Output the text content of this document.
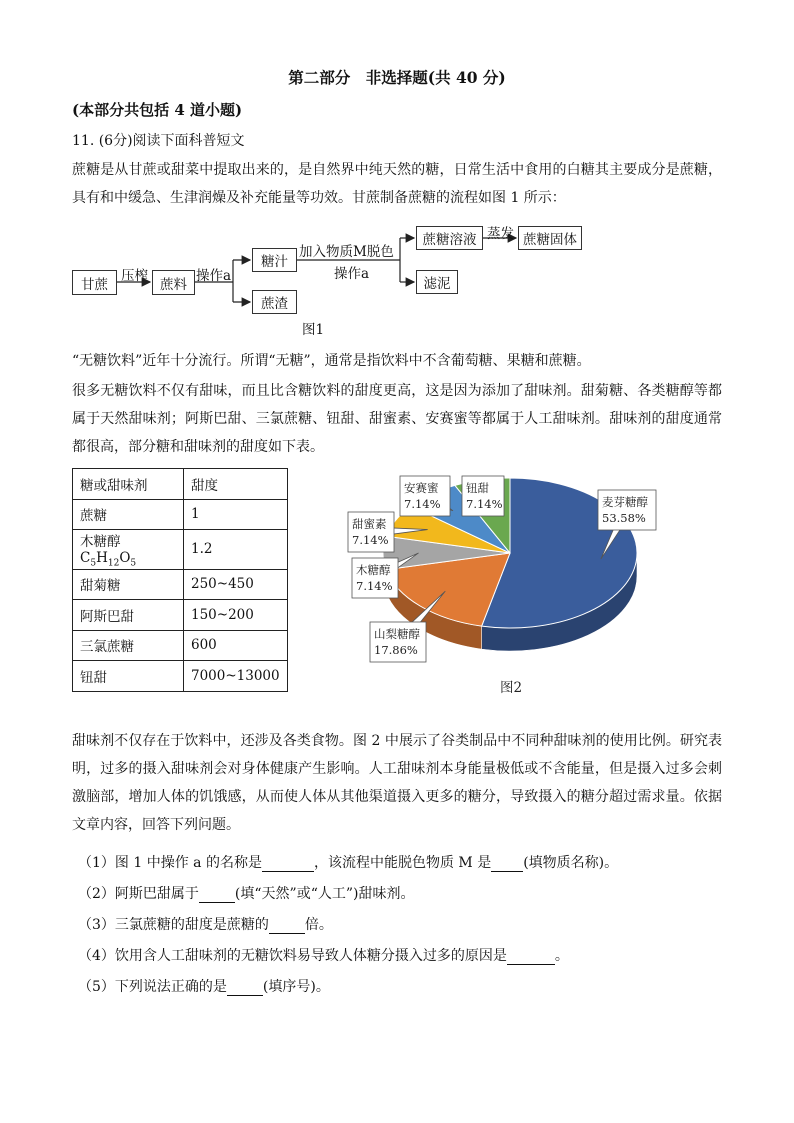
第二部分　非选择题(共 40 分)
(本部分共包括 4 道小题)
11. (6分)阅读下面科普短文
蔗糖是从甘蔗或甜菜中提取出来的，是自然界中纯天然的糖，日常生活中食用的白糖其主要成分是蔗糖，具有和中缓急、生津润燥及补充能量等功效。甘蔗制备蔗糖的流程如图 1 所示：
甘蔗
压榨
蔗料
操作a
糖汁
蔗渣
加入物质M脱色
操作a
蔗糖溶液 蒸发 蔗糖固体
滤泥
图1
“无糖饮料”近年十分流行。所谓“无糖”，通常是指饮料中不含葡萄糖、果糖和蔗糖。
很多无糖饮料不仅有甜味，而且比含糖饮料的甜度更高，这是因为添加了甜味剂。甜菊糖、各类糖醇等都属于天然甜味剂；阿斯巴甜、三氯蔗糖、钮甜、甜蜜素、安赛蜜等都属于人工甜味剂。甜味剂的甜度通常都很高，部分糖和甜味剂的甜度如下表。
糖或甜味剂	甜度
蔗糖	1
木糖醇 $C_5H_{12}O_5$	1.2
甜菊糖	250~450
阿斯巴甜	150~200
三氯蔗糖	600
钮甜	7000~13000
麦芽糖醇
53.58%
山梨糖醇
17.86%
木糖醇
7.14%
甜蜜素
7.14%
安赛蜜
7.14%
钮甜
7.14%
图2
甜味剂不仅存在于饮料中，还涉及各类食物。图 2 中展示了谷类制品中不同种甜味剂的使用比例。研究表明，过多的摄入甜味剂会对身体健康产生影响。人工甜味剂本身能量极低或不含能量，但是摄入过多会刺激脑部，增加人体的饥饿感，从而使人体从其他渠道摄入更多的糖分，导致摄入的糖分超过需求量。依据文章内容，回答下列问题。
（1）图 1 中操作 a 的名称是	，该流程中能脱色物质 M 是 (填物质名称)。
（2）阿斯巴甜属于	(填“天然”或“人工”)甜味剂。
（3）三氯蔗糖的甜度是蔗糖的	倍。
（4）饮用含人工甜味剂的无糖饮料易导致人体糖分摄入过多的原因是	。
（5）下列说法正确的是	(填序号)。
